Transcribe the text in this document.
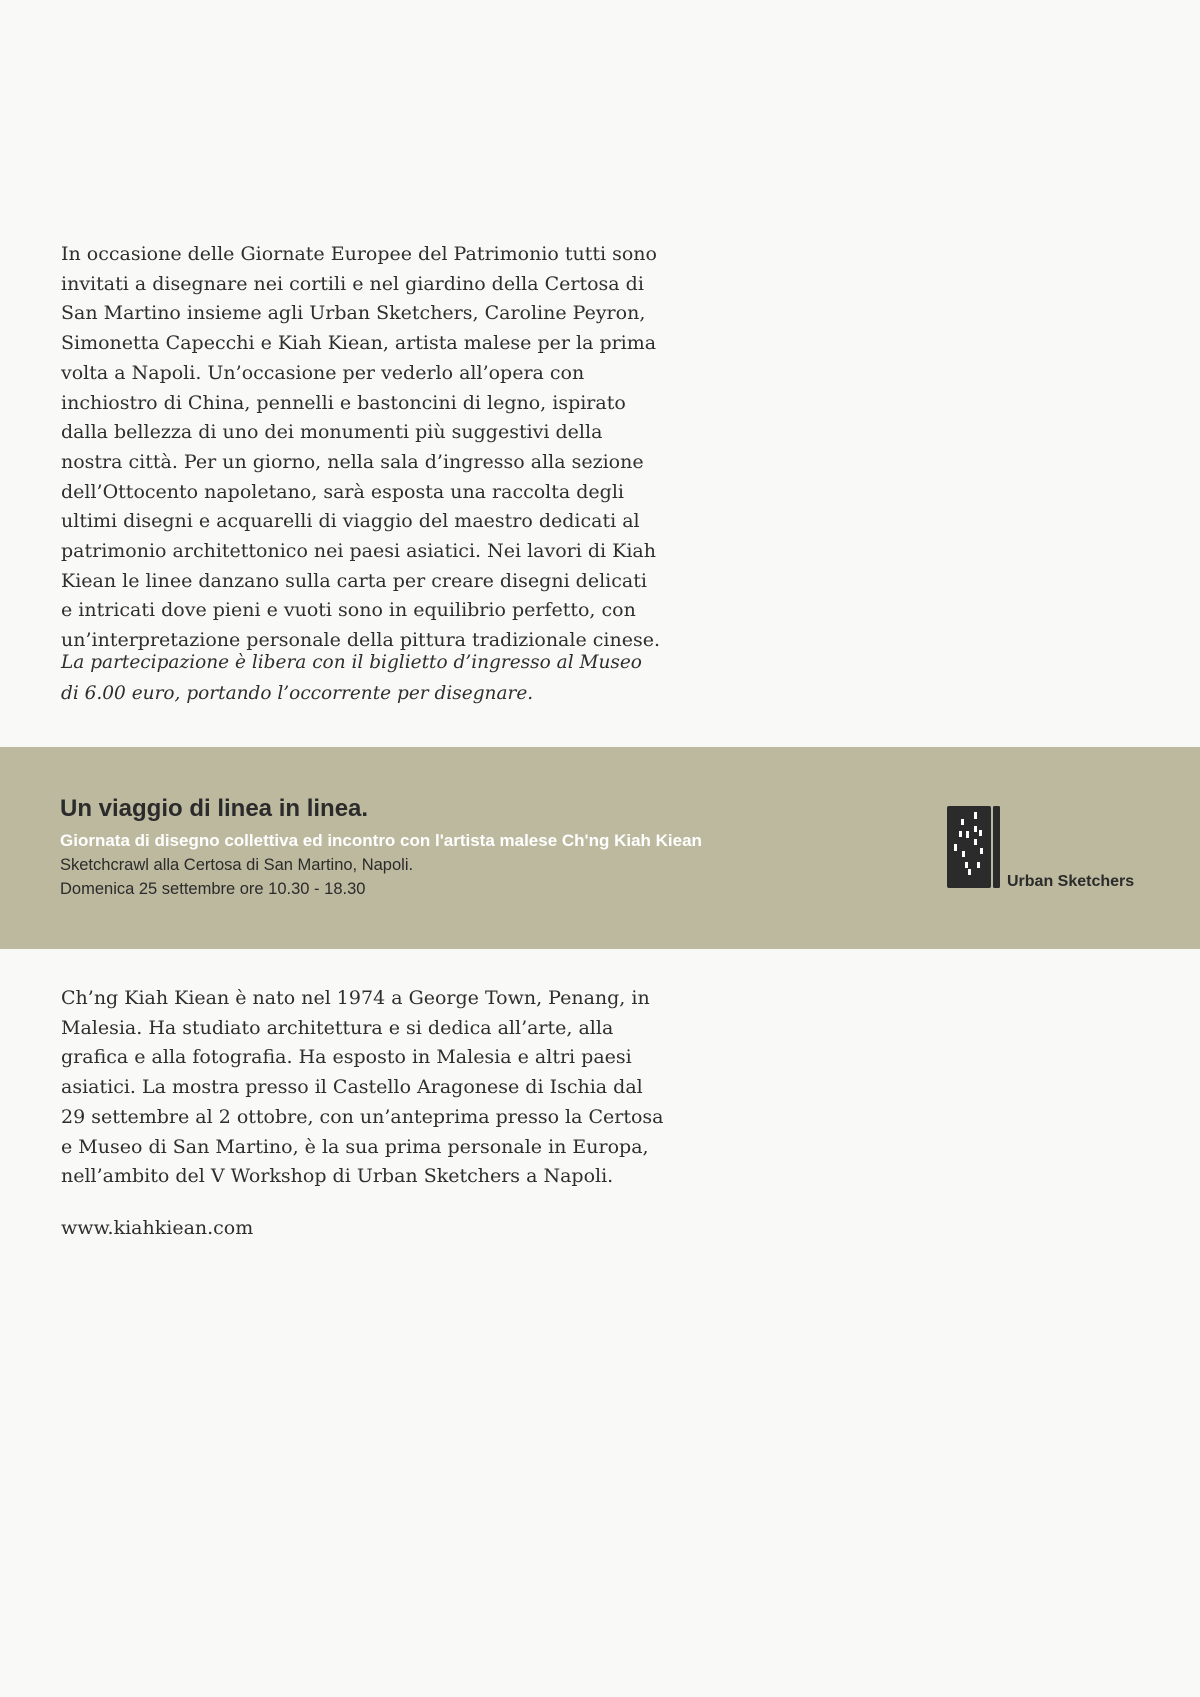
In occasione delle Giornate Europee del Patrimonio tutti sono invitati a disegnare nei cortili e nel giardino della Certosa di San Martino insieme agli Urban Sketchers, Caroline Peyron, Simonetta Capecchi e Kiah Kiean, artista malese per la prima volta a Napoli. Un’occasione per vederlo all’opera con inchiostro di China, pennelli e bastoncini di legno, ispirato dalla bellezza di uno dei monumenti più suggestivi della nostra città. Per un giorno, nella sala d’ingresso alla sezione dell’Ottocento napoletano, sarà esposta una raccolta degli ultimi disegni e acquarelli di viaggio del maestro dedicati al patrimonio architettonico nei paesi asiatici. Nei lavori di Kiah Kiean le linee danzano sulla carta per creare disegni delicati e intricati dove pieni e vuoti sono in equilibrio perfetto, con un’interpretazione personale della pittura tradizionale cinese.

La partecipazione è libera con il biglietto d’ingresso al Museo di 6.00 euro, portando l’occorrente per disegnare.

Un viaggio di linea in linea.
Giornata di disegno collettiva ed incontro con l'artista malese Ch'ng Kiah Kiean
Sketchcrawl alla Certosa di San Martino, Napoli.
Domenica 25 settembre ore 10.30 - 18.30	Urban Sketchers

Ch’ng Kiah Kiean è nato nel 1974 a George Town, Penang, in Malesia. Ha studiato architettura e si dedica all’arte, alla grafica e alla fotografia. Ha esposto in Malesia e altri paesi asiatici. La mostra presso il Castello Aragonese di Ischia dal 29 settembre al 2 ottobre, con un’anteprima presso la Certosa e Museo di San Martino, è la sua prima personale in Europa, nell’ambito del V Workshop di Urban Sketchers a Napoli.

www.kiahkiean.com
